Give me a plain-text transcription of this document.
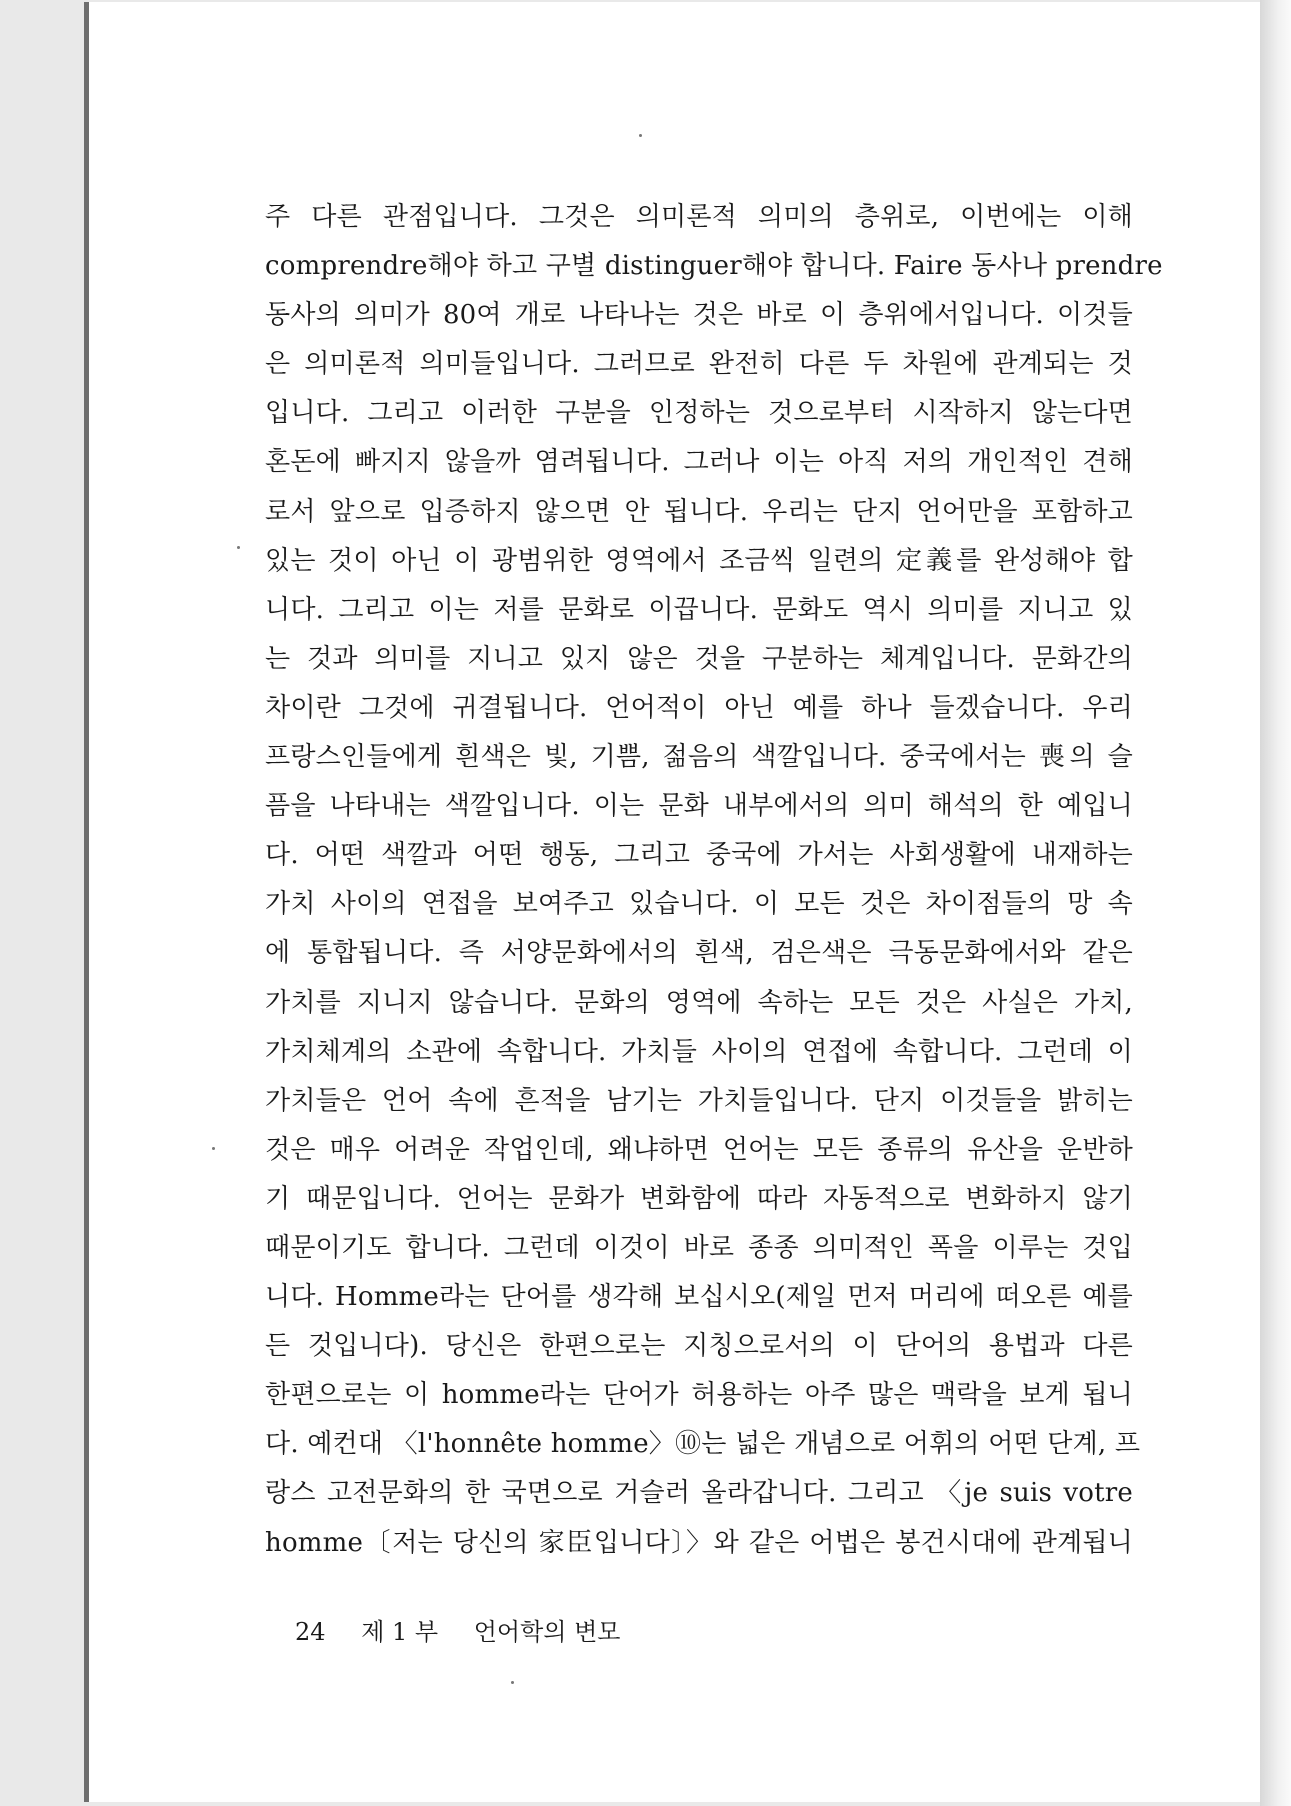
주 다른 관점입니다. 그것은 의미론적 의미의 층위로, 이번에는 이해
comprendre해야 하고 구별 distinguer해야 합니다. Faire 동사나 prendre
동사의 의미가 80여 개로 나타나는 것은 바로 이 층위에서입니다. 이것들
은 의미론적 의미들입니다. 그러므로 완전히 다른 두 차원에 관계되는 것
입니다. 그리고 이러한 구분을 인정하는 것으로부터 시작하지 않는다면
혼돈에 빠지지 않을까 염려됩니다. 그러나 이는 아직 저의 개인적인 견해
로서 앞으로 입증하지 않으면 안 됩니다. 우리는 단지 언어만을 포함하고
있는 것이 아닌 이 광범위한 영역에서 조금씩 일련의 定義를 완성해야 합
니다. 그리고 이는 저를 문화로 이끕니다. 문화도 역시 의미를 지니고 있
는 것과 의미를 지니고 있지 않은 것을 구분하는 체계입니다. 문화간의
차이란 그것에 귀결됩니다. 언어적이 아닌 예를 하나 들겠습니다. 우리
프랑스인들에게 흰색은 빛, 기쁨, 젊음의 색깔입니다. 중국에서는 喪의 슬
픔을 나타내는 색깔입니다. 이는 문화 내부에서의 의미 해석의 한 예입니
다. 어떤 색깔과 어떤 행동, 그리고 중국에 가서는 사회생활에 내재하는
가치 사이의 연접을 보여주고 있습니다. 이 모든 것은 차이점들의 망 속
에 통합됩니다. 즉 서양문화에서의 흰색, 검은색은 극동문화에서와 같은
가치를 지니지 않습니다. 문화의 영역에 속하는 모든 것은 사실은 가치,
가치체계의 소관에 속합니다. 가치들 사이의 연접에 속합니다. 그런데 이
가치들은 언어 속에 흔적을 남기는 가치들입니다. 단지 이것들을 밝히는
것은 매우 어려운 작업인데, 왜냐하면 언어는 모든 종류의 유산을 운반하
기 때문입니다. 언어는 문화가 변화함에 따라 자동적으로 변화하지 않기
때문이기도 합니다. 그런데 이것이 바로 종종 의미적인 폭을 이루는 것입
니다. Homme라는 단어를 생각해 보십시오(제일 먼저 머리에 떠오른 예를
든 것입니다). 당신은 한편으로는 지칭으로서의 이 단어의 용법과 다른
한편으로는 이 homme라는 단어가 허용하는 아주 많은 맥락을 보게 됩니
다. 예컨대 〈l'honnête homme〉⑩는 넓은 개념으로 어휘의 어떤 단계, 프
랑스 고전문화의 한 국면으로 거슬러 올라갑니다. 그리고 〈je suis votre
homme〔저는 당신의 家臣입니다〕〉와 같은 어법은 봉건시대에 관계됩니
24 제 1 부 언어학의 변모
